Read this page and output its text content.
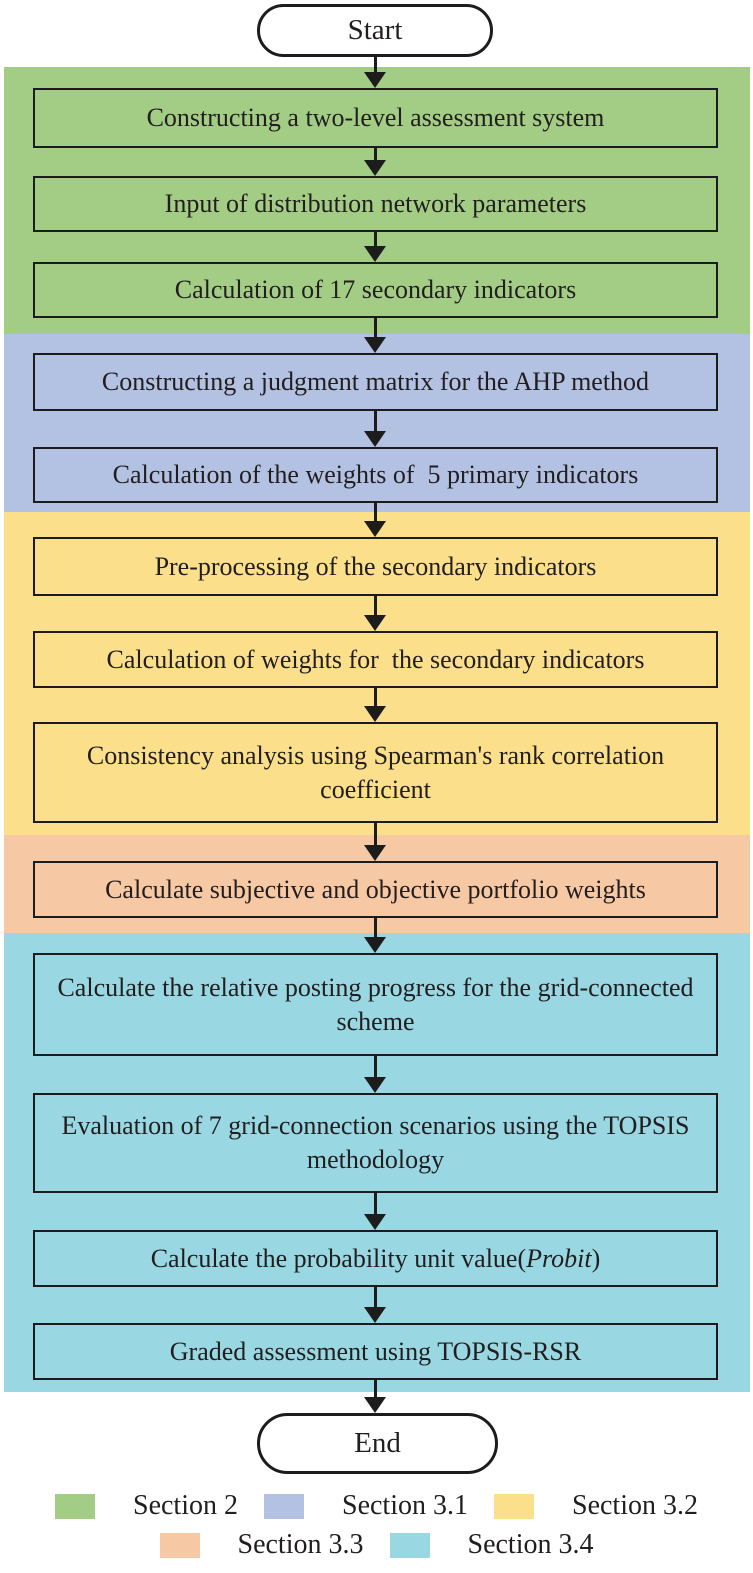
Start
Constructing a two-level assessment system
Input of distribution network parameters
Calculation of 17 secondary indicators
Constructing a judgment matrix for the AHP method
Calculation of the weights of  5 primary indicators
Pre-processing of the secondary indicators
Calculation of weights for  the secondary indicators
Consistency analysis using Spearman's rank correlation coefficient
Calculate subjective and objective portfolio weights
Calculate the relative posting progress for the grid-connected scheme
Evaluation of 7 grid-connection scenarios using the TOPSIS methodology
Calculate the probability unit value( Probit )
Graded assessment using TOPSIS-RSR
End
Section 2	Section 3.1	Section 3.2
Section 3.3	Section 3.4
